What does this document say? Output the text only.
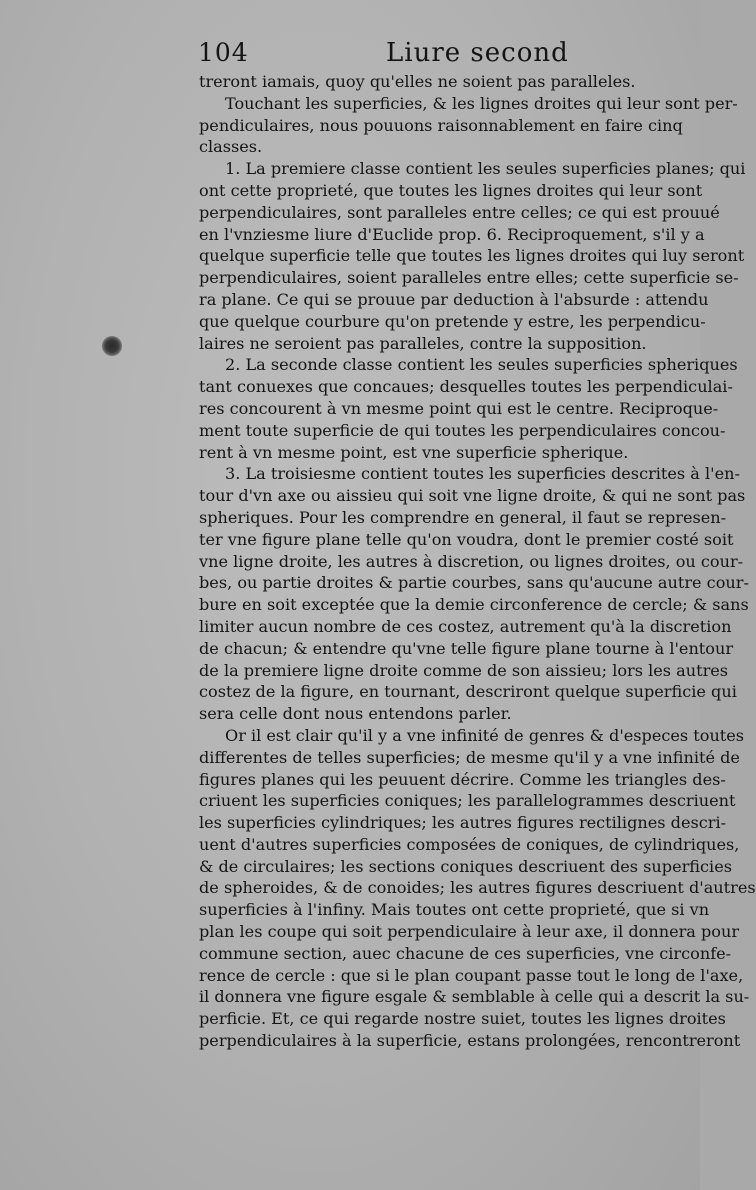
104	Liure second
treront iamais, quoy qu'elles ne soient pas paralleles.
Touchant les superficies, & les lignes droites qui leur sont per-
pendiculaires, nous pouuons raisonnablement en faire cinq
classes.
1. La premiere classe contient les seules superficies planes; qui
ont cette proprieté, que toutes les lignes droites qui leur sont
perpendiculaires, sont paralleles entre celles; ce qui est prouué
en l'vnziesme liure d'Euclide prop. 6. Reciproquement, s'il y a
quelque superficie telle que toutes les lignes droites qui luy seront
perpendiculaires, soient paralleles entre elles; cette superficie se-
ra plane. Ce qui se prouue par deduction à l'absurde : attendu
que quelque courbure qu'on pretende y estre, les perpendicu-
laires ne seroient pas paralleles, contre la supposition.
2. La seconde classe contient les seules superficies spheriques
tant conuexes que concaues; desquelles toutes les perpendiculai-
res concourent à vn mesme point qui est le centre. Reciproque-
ment toute superficie de qui toutes les perpendiculaires concou-
rent à vn mesme point, est vne superficie spherique.
3. La troisiesme contient toutes les superficies descrites à l'en-
tour d'vn axe ou aissieu qui soit vne ligne droite, & qui ne sont pas
spheriques. Pour les comprendre en general, il faut se represen-
ter vne figure plane telle qu'on voudra, dont le premier costé soit
vne ligne droite, les autres à discretion, ou lignes droites, ou cour-
bes, ou partie droites & partie courbes, sans qu'aucune autre cour-
bure en soit exceptée que la demie circonference de cercle; & sans
limiter aucun nombre de ces costez, autrement qu'à la discretion
de chacun; & entendre qu'vne telle figure plane tourne à l'entour
de la premiere ligne droite comme de son aissieu; lors les autres
costez de la figure, en tournant, descriront quelque superficie qui
sera celle dont nous entendons parler.
Or il est clair qu'il y a vne infinité de genres & d'especes toutes
differentes de telles superficies; de mesme qu'il y a vne infinité de
figures planes qui les peuuent décrire. Comme les triangles des-
criuent les superficies coniques; les parallelogrammes descriuent
les superficies cylindriques; les autres figures rectilignes descri-
uent d'autres superficies composées de coniques, de cylindriques,
& de circulaires; les sections coniques descriuent des superficies
de spheroides, & de conoides; les autres figures descriuent d'autres
superficies à l'infiny. Mais toutes ont cette proprieté, que si vn
plan les coupe qui soit perpendiculaire à leur axe, il donnera pour
commune section, auec chacune de ces superficies, vne circonfe-
rence de cercle : que si le plan coupant passe tout le long de l'axe,
il donnera vne figure esgale & semblable à celle qui a descrit la su-
perficie. Et, ce qui regarde nostre suiet, toutes les lignes droites
perpendiculaires à la superficie, estans prolongées, rencontreront
